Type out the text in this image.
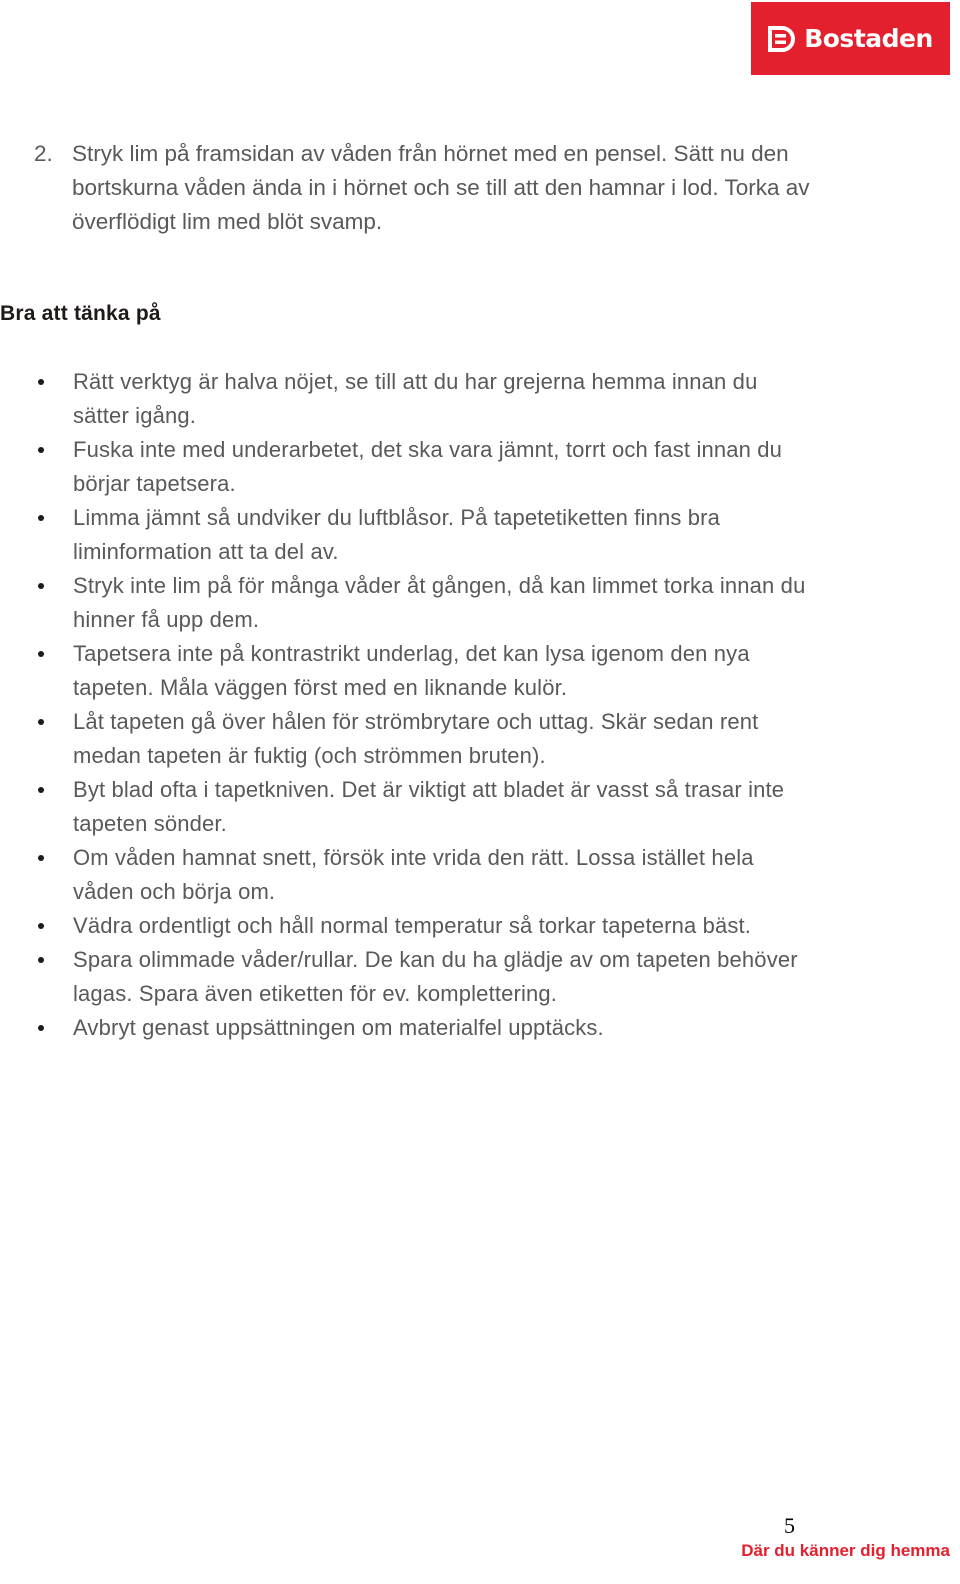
Bostaden
2. Stryk lim på framsidan av våden från hörnet med en pensel. Sätt nu den bortskurna våden ända in i hörnet och se till att den hamnar i lod. Torka av överflödigt lim med blöt svamp.
Bra att tänka på
Rätt verktyg är halva nöjet, se till att du har grejerna hemma innan du sätter igång.
Fuska inte med underarbetet, det ska vara jämnt, torrt och fast innan du börjar tapetsera.
Limma jämnt så undviker du luftblåsor. På tapetetiketten finns bra liminformation att ta del av.
Stryk inte lim på för många våder åt gången, då kan limmet torka innan du hinner få upp dem.
Tapetsera inte på kontrastrikt underlag, det kan lysa igenom den nya tapeten. Måla väggen först med en liknande kulör.
Låt tapeten gå över hålen för strömbrytare och uttag. Skär sedan rent medan tapeten är fuktig (och strömmen bruten).
Byt blad ofta i tapetkniven. Det är viktigt att bladet är vasst så trasar inte tapeten sönder.
Om våden hamnat snett, försök inte vrida den rätt. Lossa istället hela våden och börja om.
Vädra ordentligt och håll normal temperatur så torkar tapeterna bäst.
Spara olimmade våder/rullar. De kan du ha glädje av om tapeten behöver lagas. Spara även etiketten för ev. komplettering.
Avbryt genast uppsättningen om materialfel upptäcks.
5
Där du känner dig hemma
